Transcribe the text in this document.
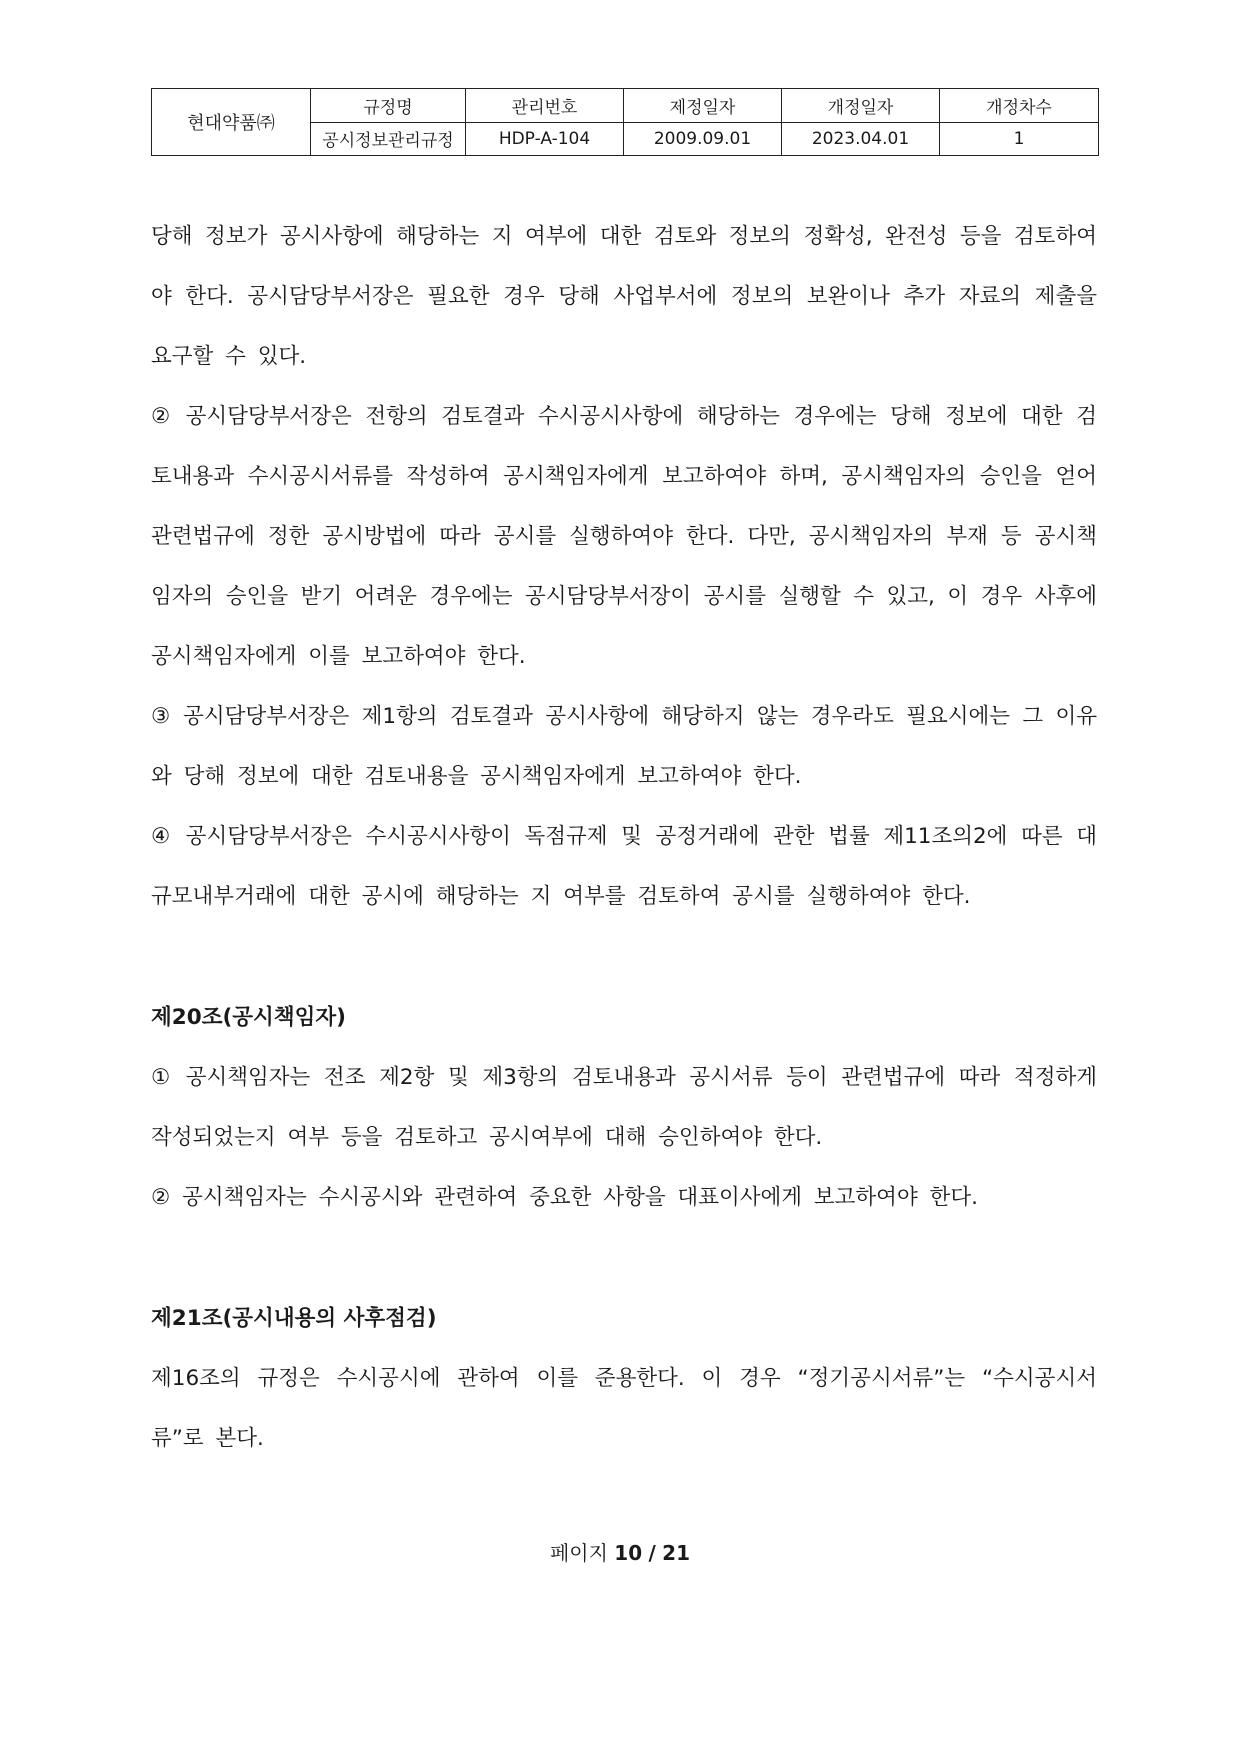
현대약품㈜	규정명	관리번호	제정일자	개정일자	개정차수
	공시정보관리규정	HDP-A-104	2009.09.01	2023.04.01	1

당해 정보가 공시사항에 해당하는 지 여부에 대한 검토와 정보의 정확성, 완전성 등을 검토하여야 한다. 공시담당부서장은 필요한 경우 당해 사업부서에 정보의 보완이나 추가 자료의 제출을 요구할 수 있다.

② 공시담당부서장은 전항의 검토결과 수시공시사항에 해당하는 경우에는 당해 정보에 대한 검토내용과 수시공시서류를 작성하여 공시책임자에게 보고하여야 하며, 공시책임자의 승인을 얻어 관련법규에 정한 공시방법에 따라 공시를 실행하여야 한다. 다만, 공시책임자의 부재 등 공시책임자의 승인을 받기 어려운 경우에는 공시담당부서장이 공시를 실행할 수 있고, 이 경우 사후에 공시책임자에게 이를 보고하여야 한다.

③ 공시담당부서장은 제1항의 검토결과 공시사항에 해당하지 않는 경우라도 필요시에는 그 이유와 당해 정보에 대한 검토내용을 공시책임자에게 보고하여야 한다.

④ 공시담당부서장은 수시공시사항이 독점규제 및 공정거래에 관한 법률 제11조의2에 따른 대규모내부거래에 대한 공시에 해당하는 지 여부를 검토하여 공시를 실행하여야 한다.

제20조(공시책임자)

① 공시책임자는 전조 제2항 및 제3항의 검토내용과 공시서류 등이 관련법규에 따라 적정하게 작성되었는지 여부 등을 검토하고 공시여부에 대해 승인하여야 한다.

② 공시책임자는 수시공시와 관련하여 중요한 사항을 대표이사에게 보고하여야 한다.

제21조(공시내용의 사후점검)

제16조의 규정은 수시공시에 관하여 이를 준용한다. 이 경우 “정기공시서류”는 “수시공시서류”로 본다.

페이지 10 / 21
